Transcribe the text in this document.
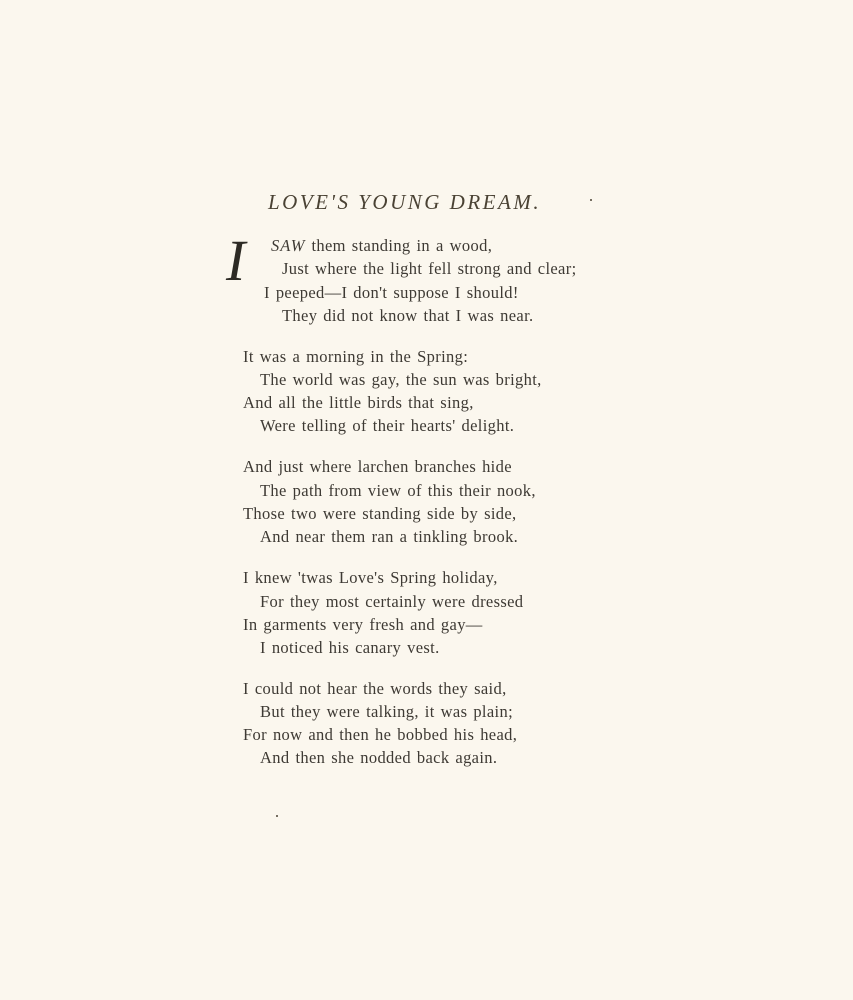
LOVE'S YOUNG DREAM.
I SAW them standing in a wood,
Just where the light fell strong and clear;
I peeped—I don't suppose I should!
They did not know that I was near.
It was a morning in the Spring:
The world was gay, the sun was bright,
And all the little birds that sing,
Were telling of their hearts' delight.
And just where larchen branches hide
The path from view of this their nook,
Those two were standing side by side,
And near them ran a tinkling brook.
I knew 'twas Love's Spring holiday,
For they most certainly were dressed
In garments very fresh and gay—
I noticed his canary vest.
I could not hear the words they said,
But they were talking, it was plain;
For now and then he bobbed his head,
And then she nodded back again.
